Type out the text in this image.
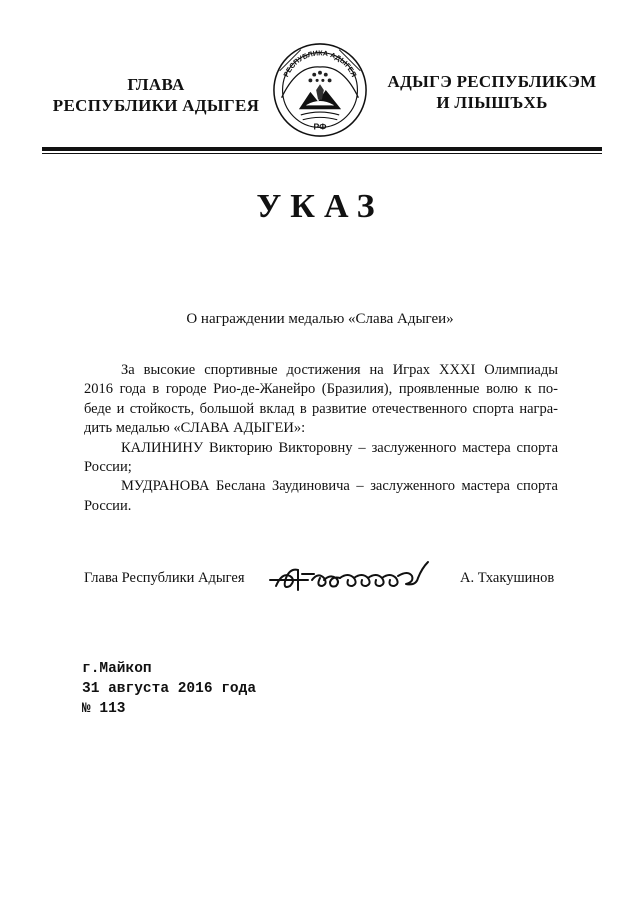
ГЛАВА
РЕСПУБЛИКИ АДЫГЕЯ
РЕСПУБЛИКА АДЫГЕЯ
РФ
АДЫГЭ РЕСПУБЛИКЭМ
И ЛІЫШЪХЬ
УКАЗ
О награждении медалью «Слава Адыгеи»

За высокие спортивные достижения на Играх XXXI Олимпиады

2016 года в городе Рио-де-Жанейро (Бразилия), проявленные волю к по-

беде и стойкость, большой вклад в развитие отечественного спорта награ-

дить медалью «СЛАВА АДЫГЕИ»:

КАЛИНИНУ Викторию Викторовну – заслуженного мастера спорта

России;

МУДРАНОВА Беслана Заудиновича – заслуженного мастера спорта

России.

Глава Республики Адыгея	А. Тхакушинов
г.Майкоп
31 августа 2016 года
№ 113
